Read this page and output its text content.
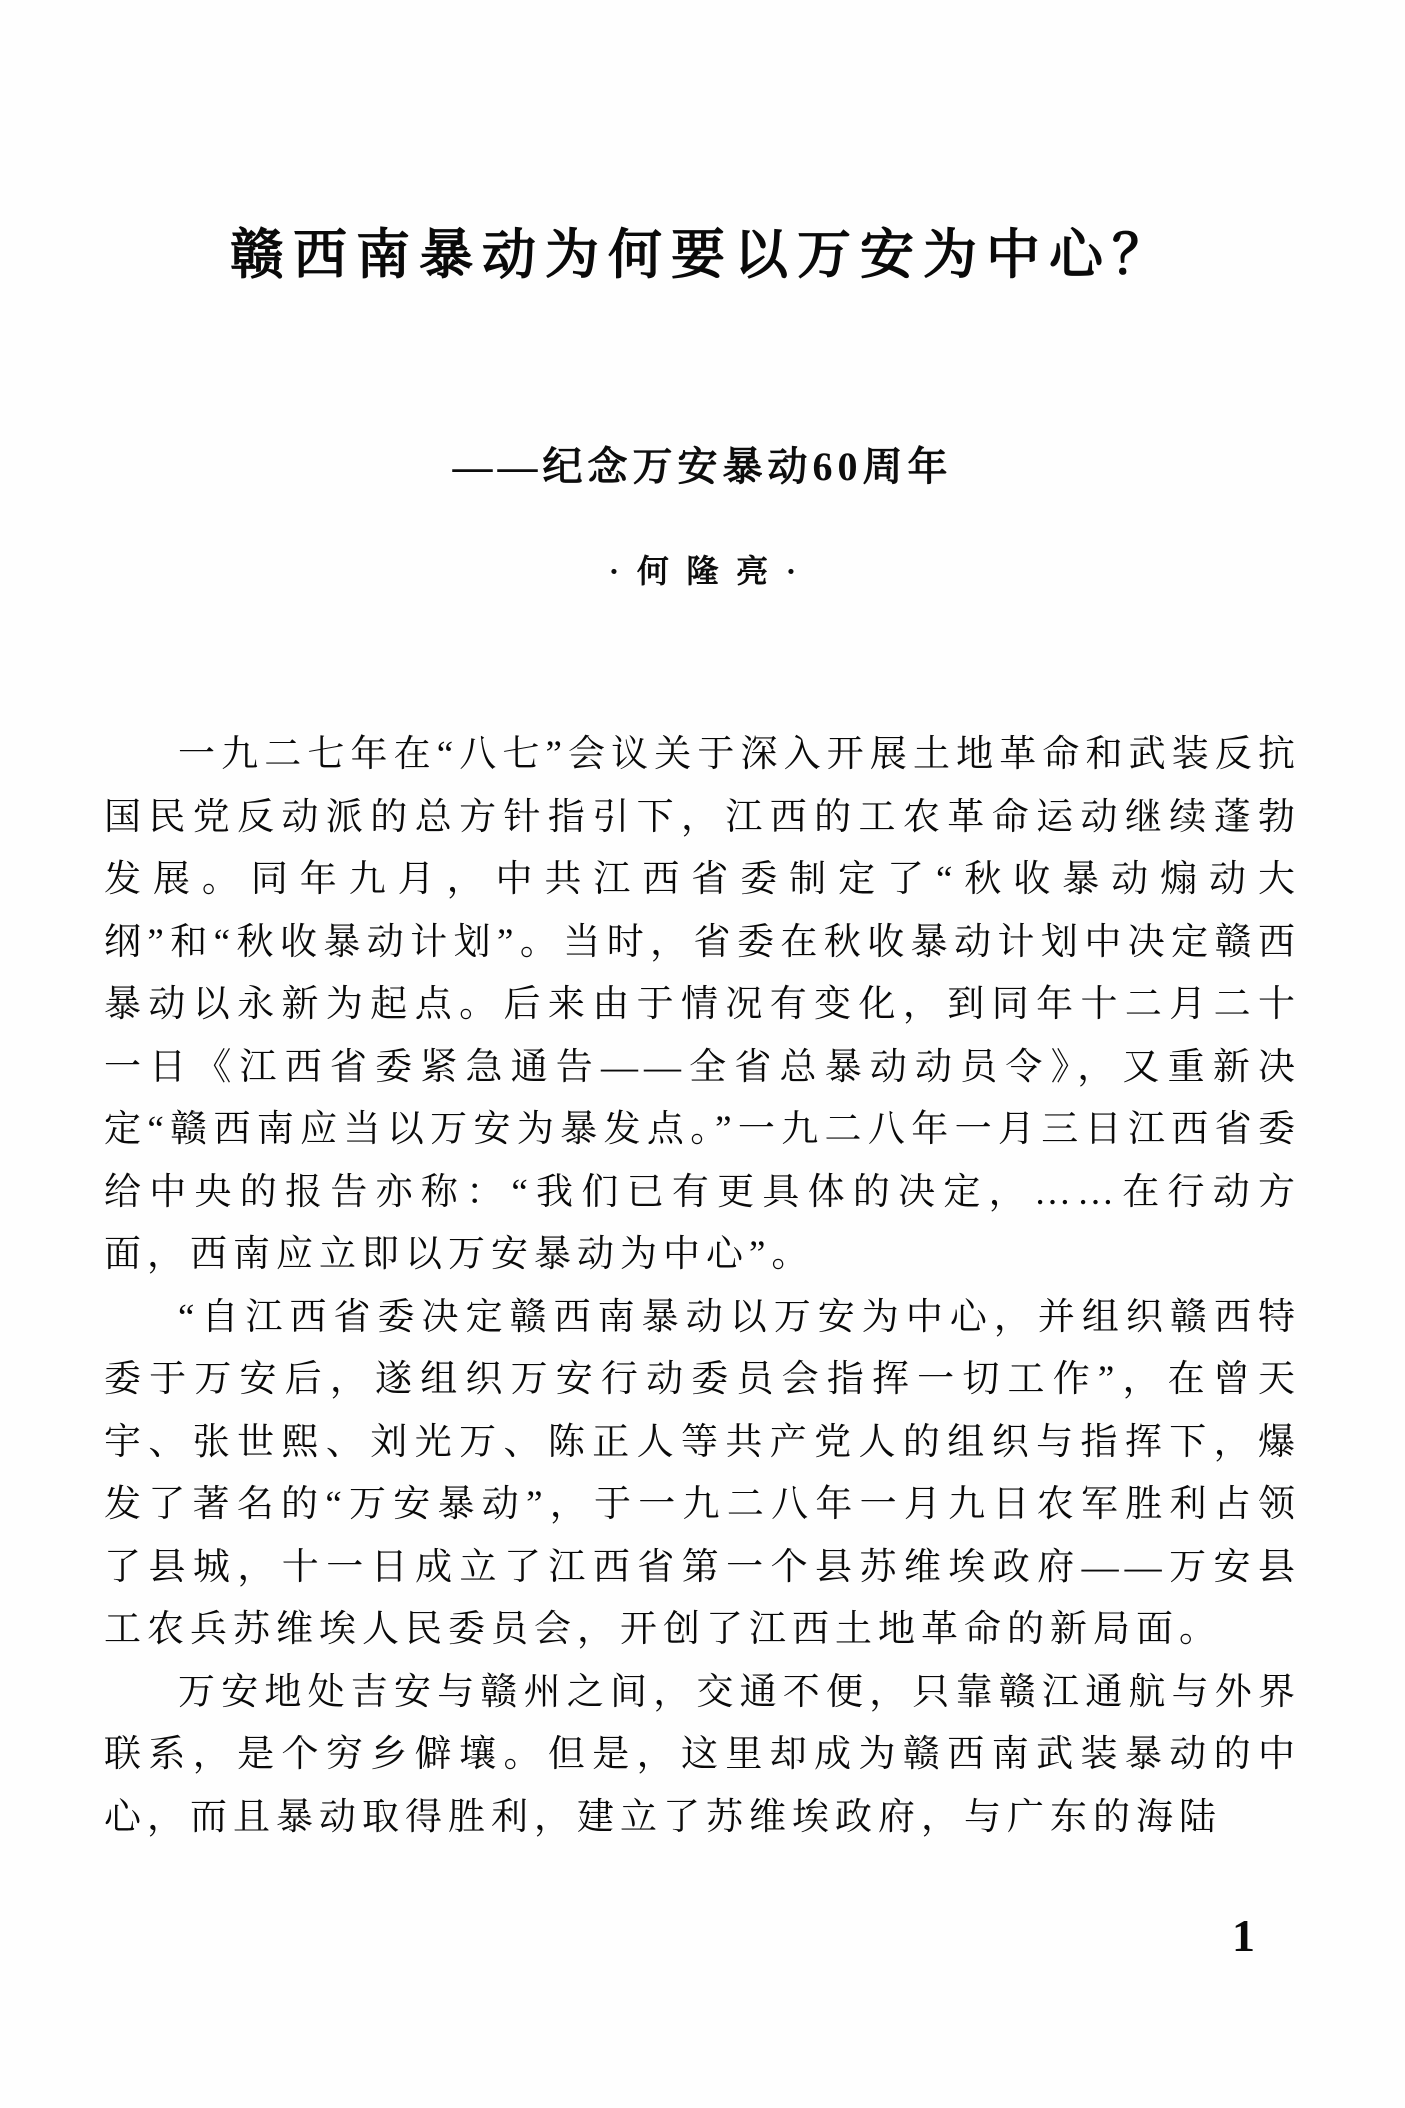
赣西南暴动为何要以万安为中心？
——纪念万安暴动60周年
·何隆亮·

一九二七年在“八七”会议关于深入开展土地革命和武装反抗国民党反动派的总方针指引下，江西的工农革命运动继续蓬勃发展。同年九月，中共江西省委制定了“秋收暴动煽动大纲”和“秋收暴动计划”。当时，省委在秋收暴动计划中决定赣西暴动以永新为起点。后来由于情况有变化，到同年十二月二十一日《江西省委紧急通告——全省总暴动动员令》，又重新决定“赣西南应当以万安为暴发点。”一九二八年一月三日江西省委给中央的报告亦称：“我们已有更具体的决定，……在行动方面，西南应立即以万安暴动为中心”。

“自江西省委决定赣西南暴动以万安为中心，并组织赣西特委于万安后，遂组织万安行动委员会指挥一切工作”，在曾天宇、张世熙、刘光万、陈正人等共产党人的组织与指挥下，爆发了著名的“万安暴动”，于一九二八年一月九日农军胜利占领了县城，十一日成立了江西省第一个县苏维埃政府——万安县工农兵苏维埃人民委员会，开创了江西土地革命的新局面。

万安地处吉安与赣州之间，交通不便，只靠赣江通航与外界联系，是个穷乡僻壤。但是，这里却成为赣西南武装暴动的中心，而且暴动取得胜利，建立了苏维埃政府，与广东的海陆

1
